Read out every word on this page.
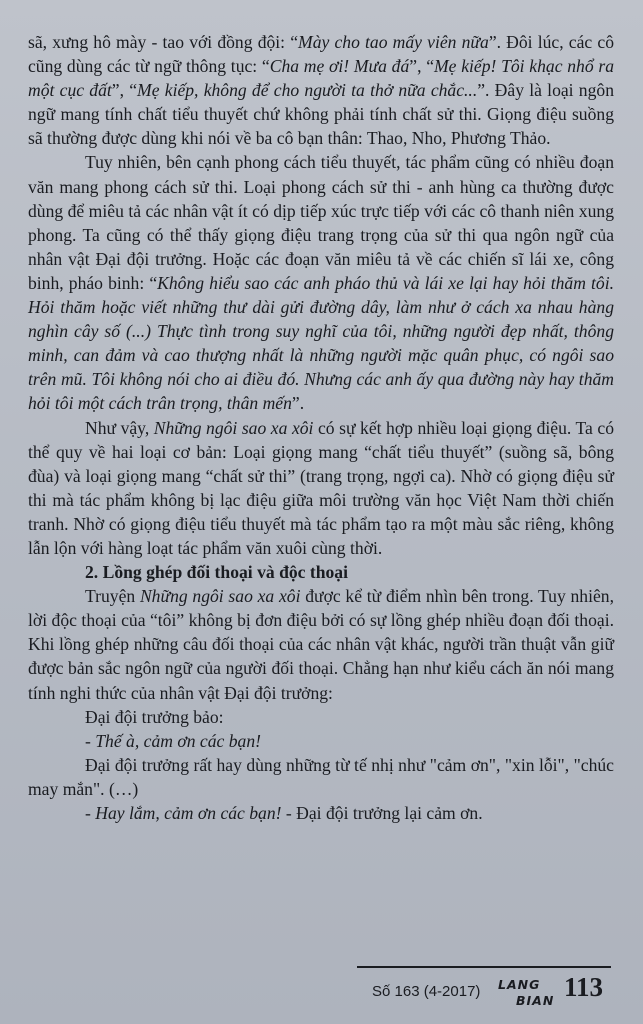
sã, xưng hô mày - tao với đồng đội: “Mày cho tao mấy viên nữa”. Đôi lúc, các cô cũng dùng các từ ngữ thông tục: “Cha mẹ ơi! Mưa đá”, “Mẹ kiếp! Tôi khạc nhổ ra một cục đất”, “Mẹ kiếp, không để cho người ta thở nữa chắc...”. Đây là loại ngôn ngữ mang tính chất tiểu thuyết chứ không phải tính chất sử thi. Giọng điệu suồng sã thường được dùng khi nói về ba cô bạn thân: Thao, Nho, Phương Thảo.

Tuy nhiên, bên cạnh phong cách tiểu thuyết, tác phẩm cũng có nhiều đoạn văn mang phong cách sử thi. Loại phong cách sử thi - anh hùng ca thường được dùng để miêu tả các nhân vật ít có dịp tiếp xúc trực tiếp với các cô thanh niên xung phong. Ta cũng có thể thấy giọng điệu trang trọng của sử thi qua ngôn ngữ của nhân vật Đại đội trưởng. Hoặc các đoạn văn miêu tả về các chiến sĩ lái xe, công binh, pháo binh: “Không hiểu sao các anh pháo thủ và lái xe lại hay hỏi thăm tôi. Hỏi thăm hoặc viết những thư dài gửi đường dây, làm như ở cách xa nhau hàng nghìn cây số (...) Thực tình trong suy nghĩ của tôi, những người đẹp nhất, thông minh, can đảm và cao thượng nhất là những người mặc quân phục, có ngôi sao trên mũ. Tôi không nói cho ai điều đó. Nhưng các anh ấy qua đường này hay thăm hỏi tôi một cách trân trọng, thân mến”.

Như vậy, Những ngôi sao xa xôi có sự kết hợp nhiều loại giọng điệu. Ta có thể quy về hai loại cơ bản: Loại giọng mang “chất tiểu thuyết” (suồng sã, bông đùa) và loại giọng mang “chất sử thi” (trang trọng, ngợi ca). Nhờ có giọng điệu sử thi mà tác phẩm không bị lạc điệu giữa môi trường văn học Việt Nam thời chiến tranh. Nhờ có giọng điệu tiểu thuyết mà tác phẩm tạo ra một màu sắc riêng, không lẫn lộn với hàng loạt tác phẩm văn xuôi cùng thời.

2. Lồng ghép đối thoại và độc thoại

Truyện Những ngôi sao xa xôi được kể từ điểm nhìn bên trong. Tuy nhiên, lời độc thoại của “tôi” không bị đơn điệu bởi có sự lồng ghép nhiều đoạn đối thoại. Khi lồng ghép những câu đối thoại của các nhân vật khác, người trần thuật vẫn giữ được bản sắc ngôn ngữ của người đối thoại. Chẳng hạn như kiểu cách ăn nói mang tính nghi thức của nhân vật Đại đội trưởng:

Đại đội trưởng bảo:

- Thế à, cảm ơn các bạn!

Đại đội trưởng rất hay dùng những từ tế nhị như "cảm ơn", "xin lỗi", "chúc may mắn". (…)

- Hay lắm, cảm ơn các bạn! - Đại đội trưởng lại cảm ơn.

Số 163 (4-2017) LANG
BIAN 113
